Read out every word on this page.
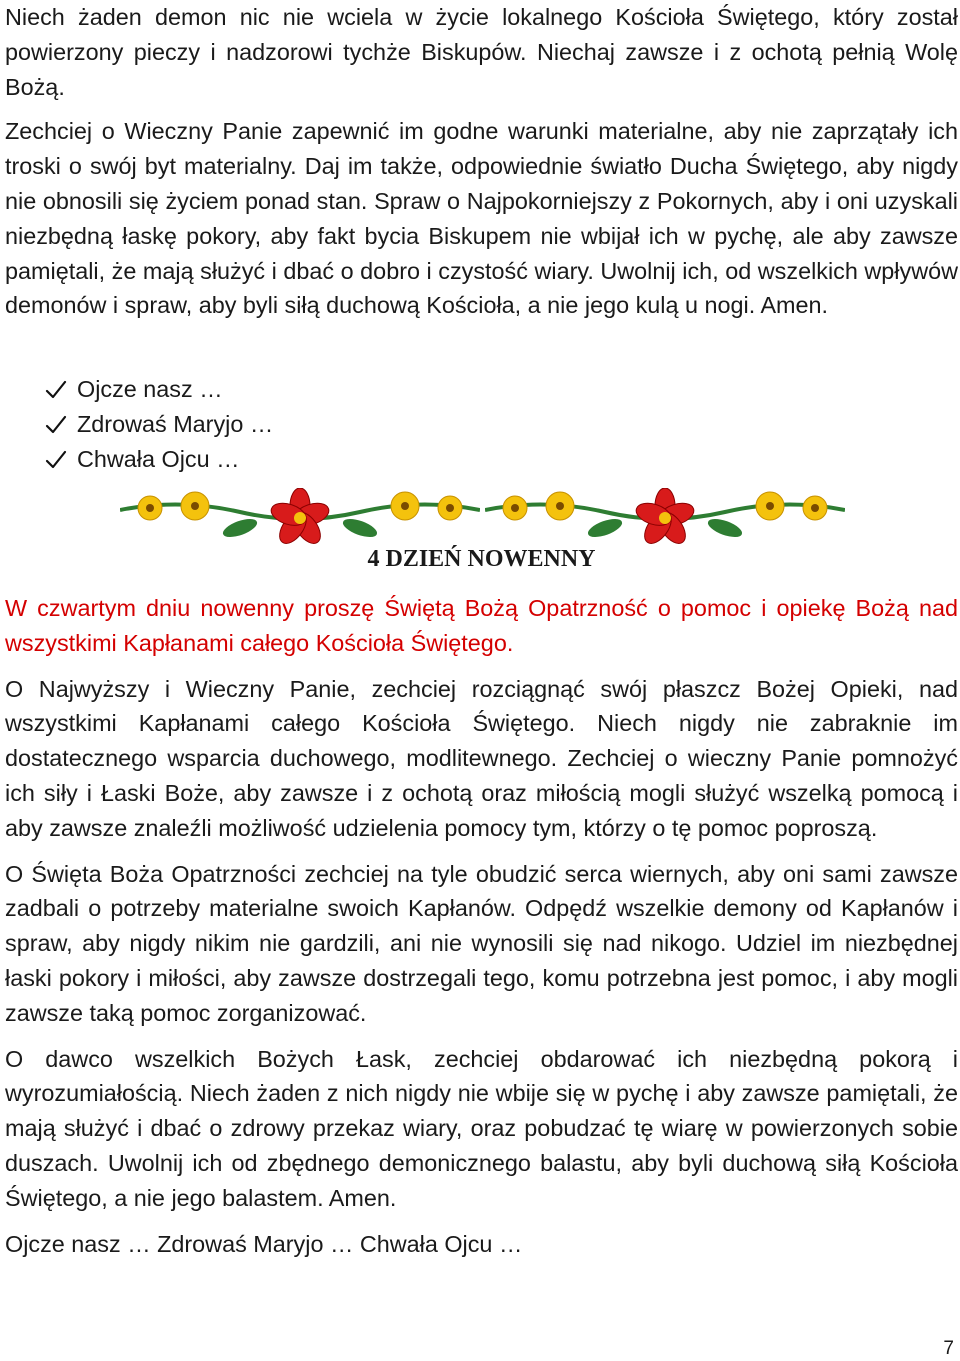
Niech żaden demon nic nie wciela w życie lokalnego Kościoła Świętego, który został powierzony pieczy i nadzorowi tychże Biskupów. Niechaj zawsze i z ochotą pełnią Wolę Bożą.

Zechciej o Wieczny Panie zapewnić im godne warunki materialne, aby nie zaprzątały ich troski o swój byt materialny. Daj im także, odpowiednie światło Ducha Świętego, aby nigdy nie obnosili się życiem ponad stan. Spraw o Najpokorniejszy z Pokornych, aby i oni uzyskali niezbędną łaskę pokory, aby fakt bycia Biskupem nie wbijał ich w pychę, ale aby zawsze pamiętali, że mają służyć i dbać o dobro i czystość wiary. Uwolnij ich, od wszelkich wpływów demonów i spraw, aby byli siłą duchową Kościoła, a nie jego kulą u nogi. Amen.

Ojcze nasz …
Zdrowaś Maryjo …
Chwała Ojcu …
4 DZIEŃ NOWENNY

W czwartym dniu nowenny proszę Świętą Bożą Opatrzność o pomoc i opiekę Bożą nad wszystkimi Kapłanami całego Kościoła Świętego.

O Najwyższy i Wieczny Panie, zechciej rozciągnąć swój płaszcz Bożej Opieki, nad wszystkimi Kapłanami całego Kościoła Świętego. Niech nigdy nie zabraknie im dostatecznego wsparcia duchowego, modlitewnego. Zechciej o wieczny Panie pomnożyć ich siły i Łaski Boże, aby zawsze i z ochotą oraz miłością mogli służyć wszelką pomocą i aby zawsze znaleźli możliwość udzielenia pomocy tym, którzy o tę pomoc poproszą.

O Święta Boża Opatrzności zechciej na tyle obudzić serca wiernych, aby oni sami zawsze zadbali o potrzeby materialne swoich Kapłanów. Odpędź wszelkie demony od Kapłanów i spraw, aby nigdy nikim nie gardzili, ani nie wynosili się nad nikogo. Udziel im niezbędnej łaski pokory i miłości, aby zawsze dostrzegali tego, komu potrzebna jest pomoc, i aby mogli zawsze taką pomoc zorganizować.

O dawco wszelkich Bożych Łask, zechciej obdarować ich niezbędną pokorą i wyrozumiałością. Niech żaden z nich nigdy nie wbije się w pychę i aby zawsze pamiętali, że mają służyć i dbać o zdrowy przekaz wiary, oraz pobudzać tę wiarę w powierzonych sobie duszach. Uwolnij ich od zbędnego demonicznego balastu, aby byli duchową siłą Kościoła Świętego, a nie jego balastem. Amen.

Ojcze nasz … Zdrowaś Maryjo … Chwała Ojcu …

7
